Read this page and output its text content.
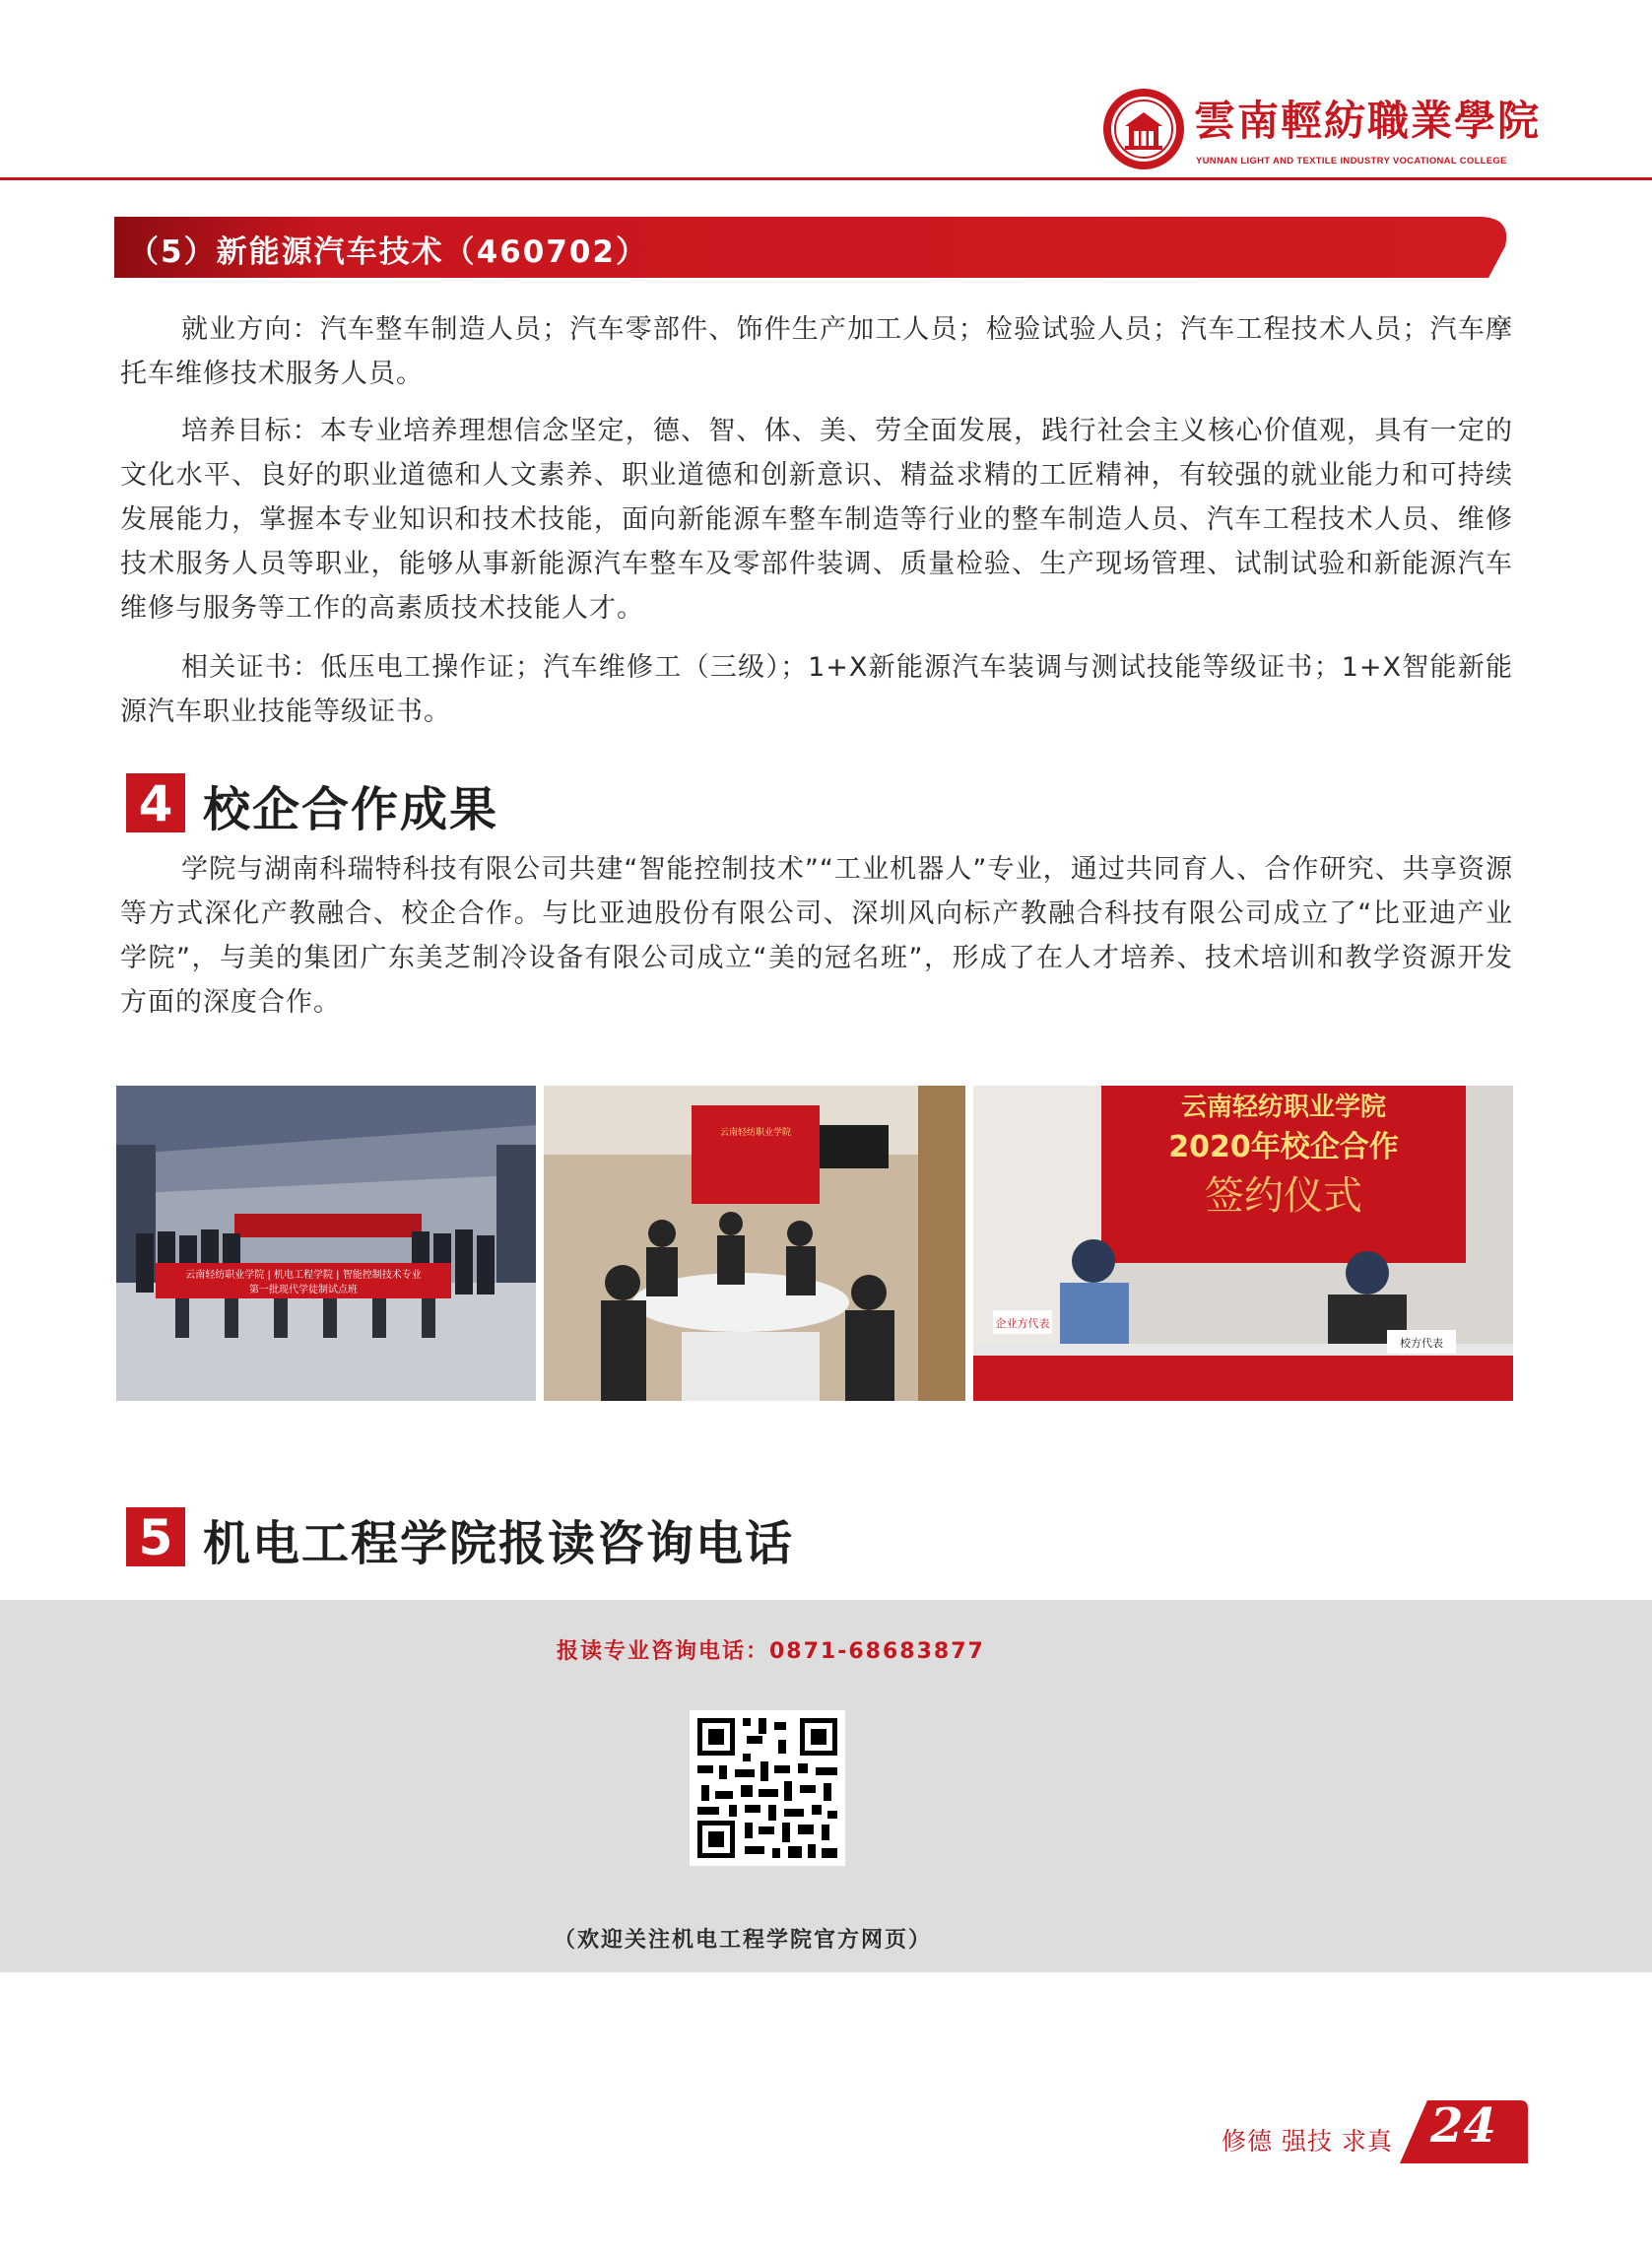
雲南輕紡職業學院
YUNNAN LIGHT AND TEXTILE INDUSTRY VOCATIONAL COLLEGE
（5）新能源汽车技术（460702）

就业方向：汽车整车制造人员；汽车零部件、饰件生产加工人员；检验试验人员；汽车工程技术人员；汽车摩托车维修技术服务人员。

培养目标：本专业培养理想信念坚定，德、智、体、美、劳全面发展，践行社会主义核心价值观，具有一定的文化水平、良好的职业道德和人文素养、职业道德和创新意识、精益求精的工匠精神，有较强的就业能力和可持续发展能力，掌握本专业知识和技术技能，面向新能源车整车制造等行业的整车制造人员、汽车工程技术人员、维修技术服务人员等职业，能够从事新能源汽车整车及零部件装调、质量检验、生产现场管理、试制试验和新能源汽车维修与服务等工作的高素质技术技能人才。

相关证书：低压电工操作证；汽车维修工（三级）；1+X新能源汽车装调与测试技能等级证书；1+X智能新能源汽车职业技能等级证书。

4 校企合作成果

学院与湖南科瑞特科技有限公司共建“智能控制技术”“工业机器人”专业，通过共同育人、合作研究、共享资源等方式深化产教融合、校企合作。与比亚迪股份有限公司、深圳风向标产教融合科技有限公司成立了“比亚迪产业学院”，与美的集团广东美芝制冷设备有限公司成立“美的冠名班”，形成了在人才培养、技术培训和教学资源开发方面的深度合作。

云南轻纺职业学院 | 机电工程学院 | 智能控制技术专业
第一批现代学徒制试点班
云南轻纺职业学院
云南轻纺职业学院
2020年校企合作
签约仪式
企业方代表
校方代表
5 机电工程学院报读咨询电话
报读专业咨询电话：0871-68683877
（欢迎关注机电工程学院官方网页）
修德 强技 求真 24
